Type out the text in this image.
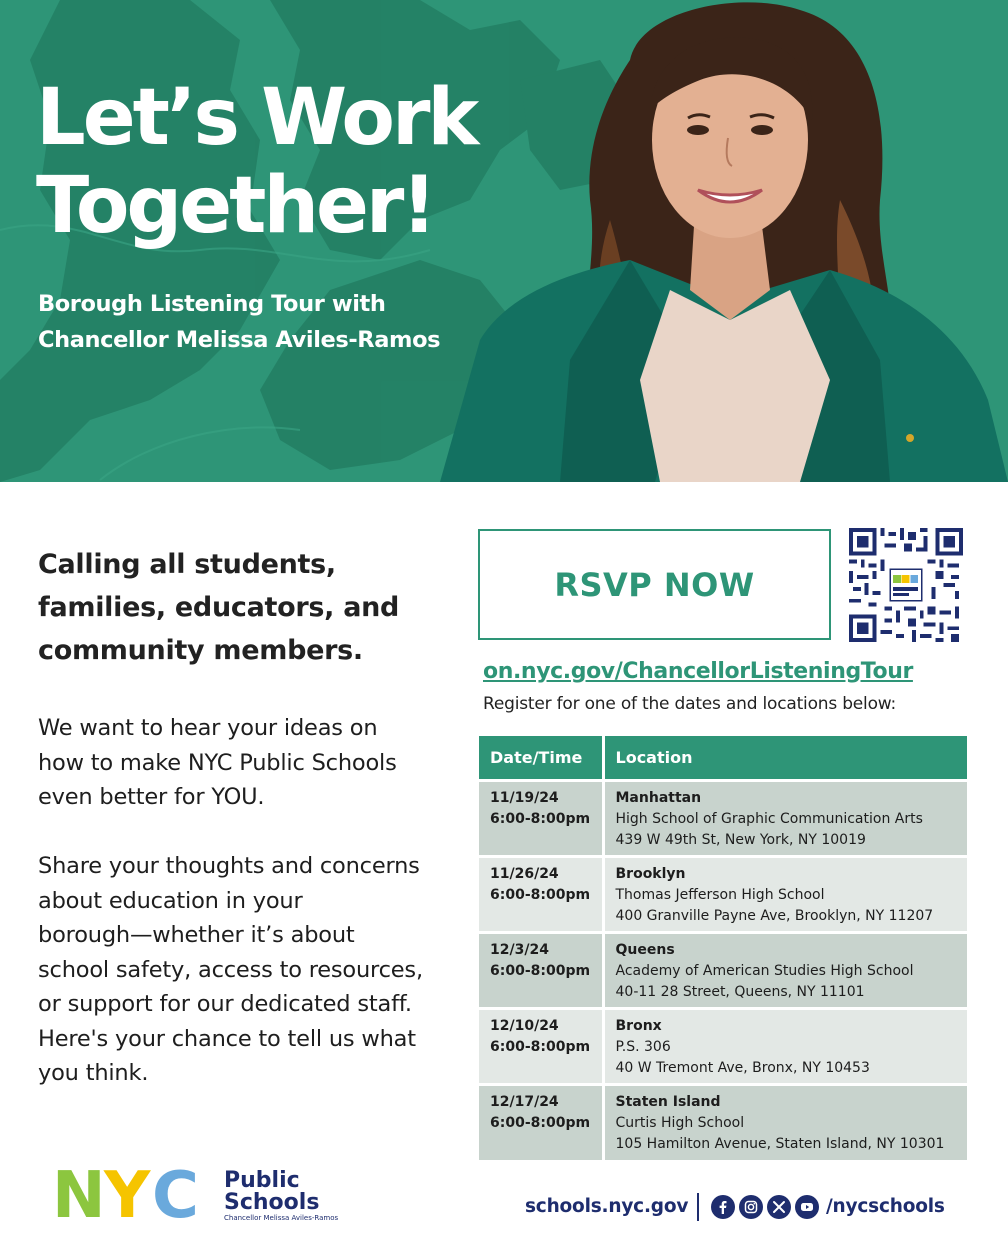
Let’s Work
Together!
Borough Listening Tour with
Chancellor Melissa Aviles-Ramos
Calling all students,
families, educators, and
community members.
We want to hear your ideas on
how to make NYC Public Schools
even better for YOU.
Share your thoughts and concerns
about education in your
borough—whether it’s about
school safety, access to resources,
or support for our dedicated staff.
Here's your chance to tell us what
you think.
RSVP NOW
on.nyc.gov/ChancellorListeningTour
Register for one of the dates and locations below:
Date/Time	Location

11/19/24
6:00-8:00pm	Manhattan
High School of Graphic Communication Arts
439 W 49th St, New York, NY 10019

11/26/24
6:00-8:00pm	Brooklyn
Thomas Jefferson High School
400 Granville Payne Ave, Brooklyn, NY 11207

12/3/24
6:00-8:00pm	Queens
Academy of American Studies High School
40-11 28 Street, Queens, NY 11101

12/10/24
6:00-8:00pm	Bronx
P.S. 306
40 W Tremont Ave, Bronx, NY 10453

12/17/24
6:00-8:00pm	Staten Island
Curtis High School
105 Hamilton Avenue, Staten Island, NY 10301
N Y C Public
Schools
Chancellor Melissa Aviles-Ramos
schools.nyc.gov	/nycschools
